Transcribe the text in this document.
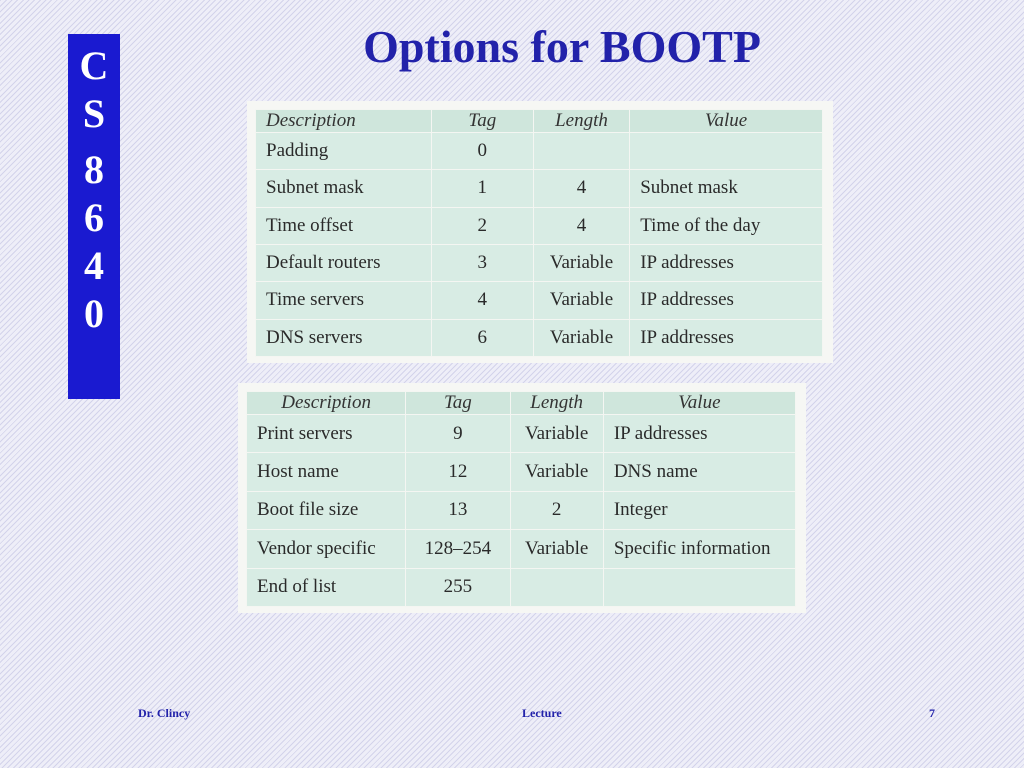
C
S
8
6
4
0
Options for BOOTP
Description	Tag	Length	Value
Padding	0		
Subnet mask	1	4	Subnet mask
Time offset	2	4	Time of the day
Default routers	3	Variable	IP addresses
Time servers	4	Variable	IP addresses
DNS servers	6	Variable	IP addresses
Description	Tag	Length	Value
Print servers	9	Variable	IP addresses
Host name	12	Variable	DNS name
Boot file size	13	2	Integer
Vendor specific	128–254	Variable	Specific information
End of list	255		
Dr. Clincy	Lecture	7
